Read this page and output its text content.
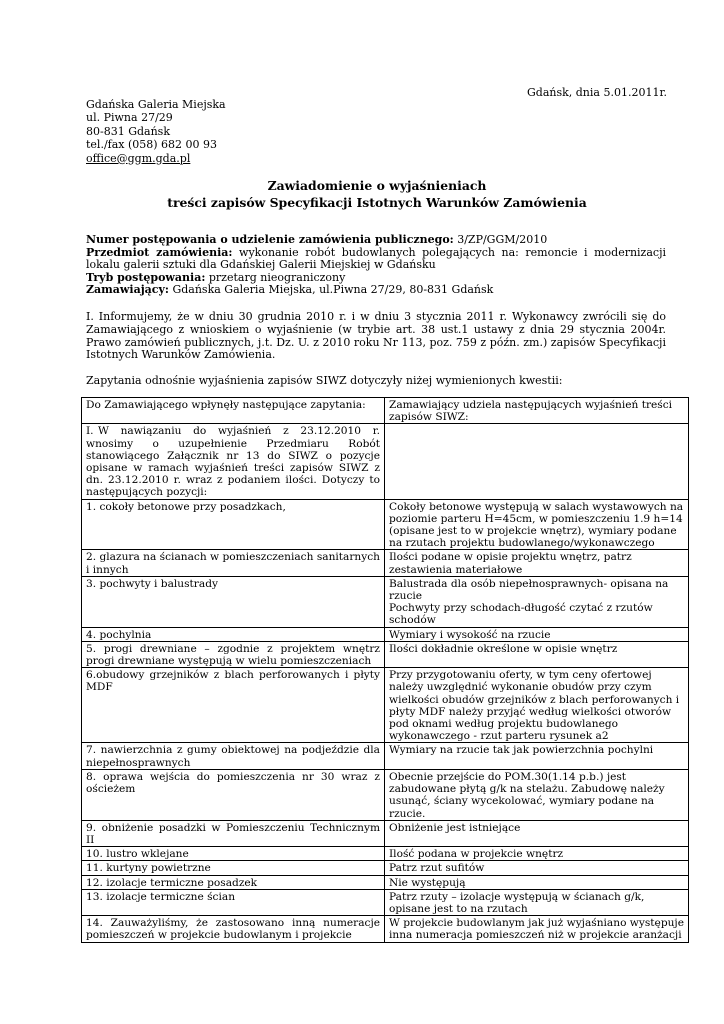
Gdańsk, dnia 5.01.2011r.
Gdańska Galeria Miejska
ul. Piwna 27/29
80-831 Gdańsk
tel./fax (058) 682 00 93
office@ggm.gda.pl
Zawiadomienie o wyjaśnieniach
treści zapisów Specyfikacji Istotnych Warunków Zamówienia

Numer postępowania o udzielenie zamówienia publicznego: 3/ZP/GGM/2010

Przedmiot zamówienia: wykonanie robót budowlanych polegających na: remoncie i modernizacji lokalu galerii sztuki dla Gdańskiej Galerii Miejskiej w Gdańsku

Tryb postępowania: przetarg nieograniczony

Zamawiający: Gdańska Galeria Miejska, ul.Piwna 27/29, 80-831 Gdańsk

I. Informujemy, że w dniu 30 grudnia 2010 r. i w dniu 3 stycznia 2011 r. Wykonawcy zwrócili się do Zamawiającego z wnioskiem o wyjaśnienie (w trybie art. 38 ust.1 ustawy z dnia 29 stycznia 2004r. Prawo zamówień publicznych, j.t. Dz. U. z 2010 roku Nr 113, poz. 759 z późn. zm.) zapisów Specyfikacji Istotnych Warunków Zamówienia.

Zapytania odnośnie wyjaśnienia zapisów SIWZ dotyczyły niżej wymienionych kwestii:

Do Zamawiającego wpłynęły następujące zapytania:	Zamawiający udziela następujących wyjaśnień treści zapisów SIWZ:
I. W nawiązaniu do wyjaśnień z 23.12.2010 r. wnosimy o uzupełnienie Przedmiaru Robót stanowiącego Załącznik nr 13 do SIWZ o pozycje opisane w ramach wyjaśnień treści zapisów SIWZ z dn. 23.12.2010 r. wraz z podaniem ilości. Dotyczy to następujących pozycji:	
1. cokoły betonowe przy posadzkach,	Cokoły betonowe występują w salach wystawowych na poziomie parteru H=45cm, w pomieszczeniu 1.9 h=14 (opisane jest to w projekcie wnętrz), wymiary podane na rzutach projektu budowlanego/wykonawczego
2. glazura na ścianach w pomieszczeniach sanitarnych i innych	Ilości podane w opisie projektu wnętrz, patrz zestawienia materiałowe
3. pochwyty i balustrady	Balustrada dla osób niepełnosprawnych- opisana na rzucie
Pochwyty przy schodach-długość czytać z rzutów schodów
4. pochylnia	Wymiary i wysokość na rzucie
5. progi drewniane – zgodnie z projektem wnętrz progi drewniane występują w wielu pomieszczeniach	Ilości dokładnie określone w opisie wnętrz
6.obudowy grzejników z blach perforowanych i płyty MDF	Przy przygotowaniu oferty, w tym ceny ofertowej należy uwzględnić wykonanie obudów przy czym wielkości obudów grzejników z blach perforowanych i płyty MDF należy przyjąć według wielkości otworów pod oknami według projektu budowlanego wykonawczego - rzut parteru rysunek a2
7. nawierzchnia z gumy obiektowej na podjeździe dla niepełnosprawnych	Wymiary na rzucie tak jak powierzchnia pochylni
8. oprawa wejścia do pomieszczenia nr 30 wraz z ościeżem	Obecnie przejście do POM.30(1.14 p.b.) jest zabudowane płytą g/k na stelażu. Zabudowę należy usunąć, ściany wycekolować, wymiary podane na rzucie.
9. obniżenie posadzki w Pomieszczeniu Technicznym II	Obniżenie jest istniejące
10. lustro wklejane	Ilość podana w projekcie wnętrz
11. kurtyny powietrzne	Patrz rzut sufitów
12. izolacje termiczne posadzek	Nie występują
13. izolacje termiczne ścian	Patrz rzuty – izolacje występują w ścianach g/k, opisane jest to na rzutach
14. Zauważyliśmy, że zastosowano inną numeracje pomieszczeń w projekcie budowlanym i projekcie	W projekcie budowlanym jak już wyjaśniano występuje inna numeracja pomieszczeń niż w projekcie aranżacji
